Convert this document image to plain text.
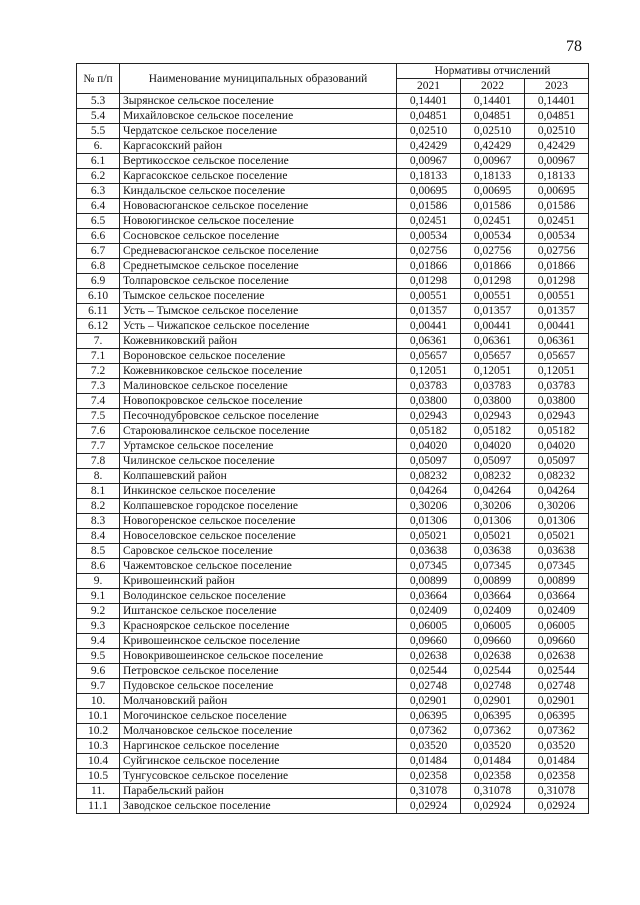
78
№ п/п	Наименование муниципальных образований	Нормативы отчислений		
		2021	2022	2023
5.3	Зырянское сельское поселение	0,14401	0,14401	0,14401
5.4	Михайловское сельское поселение	0,04851	0,04851	0,04851
5.5	Чердатское сельское поселение	0,02510	0,02510	0,02510
6.	Каргасокский район	0,42429	0,42429	0,42429
6.1	Вертикосское сельское поселение	0,00967	0,00967	0,00967
6.2	Каргасокское сельское поселение	0,18133	0,18133	0,18133
6.3	Киндальское сельское поселение	0,00695	0,00695	0,00695
6.4	Нововасюганское сельское поселение	0,01586	0,01586	0,01586
6.5	Новоюгинское сельское поселение	0,02451	0,02451	0,02451
6.6	Сосновское сельское поселение	0,00534	0,00534	0,00534
6.7	Средневасюганское сельское поселение	0,02756	0,02756	0,02756
6.8	Среднетымское сельское поселение	0,01866	0,01866	0,01866
6.9	Толпаровское сельское поселение	0,01298	0,01298	0,01298
6.10	Тымское сельское поселение	0,00551	0,00551	0,00551
6.11	Усть – Тымское сельское поселение	0,01357	0,01357	0,01357
6.12	Усть – Чижапское сельское поселение	0,00441	0,00441	0,00441
7.	Кожевниковский район	0,06361	0,06361	0,06361
7.1	Вороновское сельское поселение	0,05657	0,05657	0,05657
7.2	Кожевниковское сельское поселение	0,12051	0,12051	0,12051
7.3	Малиновское сельское поселение	0,03783	0,03783	0,03783
7.4	Новопокровское сельское поселение	0,03800	0,03800	0,03800
7.5	Песочнодубровское сельское поселение	0,02943	0,02943	0,02943
7.6	Староювалинское сельское поселение	0,05182	0,05182	0,05182
7.7	Уртамское сельское поселение	0,04020	0,04020	0,04020
7.8	Чилинское сельское поселение	0,05097	0,05097	0,05097
8.	Колпашевский район	0,08232	0,08232	0,08232
8.1	Инкинское сельское поселение	0,04264	0,04264	0,04264
8.2	Колпашевское городское поселение	0,30206	0,30206	0,30206
8.3	Новогоренское сельское поселение	0,01306	0,01306	0,01306
8.4	Новоселовское сельское поселение	0,05021	0,05021	0,05021
8.5	Саровское сельское поселение	0,03638	0,03638	0,03638
8.6	Чажемтовское сельское поселение	0,07345	0,07345	0,07345
9.	Кривошеинский район	0,00899	0,00899	0,00899
9.1	Володинское сельское поселение	0,03664	0,03664	0,03664
9.2	Иштанское сельское поселение	0,02409	0,02409	0,02409
9.3	Красноярское сельское поселение	0,06005	0,06005	0,06005
9.4	Кривошеинское сельское поселение	0,09660	0,09660	0,09660
9.5	Новокривошеинское сельское поселение	0,02638	0,02638	0,02638
9.6	Петровское сельское поселение	0,02544	0,02544	0,02544
9.7	Пудовское сельское поселение	0,02748	0,02748	0,02748
10.	Молчановский район	0,02901	0,02901	0,02901
10.1	Могочинское сельское поселение	0,06395	0,06395	0,06395
10.2	Молчановское сельское поселение	0,07362	0,07362	0,07362
10.3	Наргинское сельское поселение	0,03520	0,03520	0,03520
10.4	Суйгинское сельское поселение	0,01484	0,01484	0,01484
10.5	Тунгусовское сельское поселение	0,02358	0,02358	0,02358
11.	Парабельский район	0,31078	0,31078	0,31078
11.1	Заводское сельское поселение	0,02924	0,02924	0,02924
